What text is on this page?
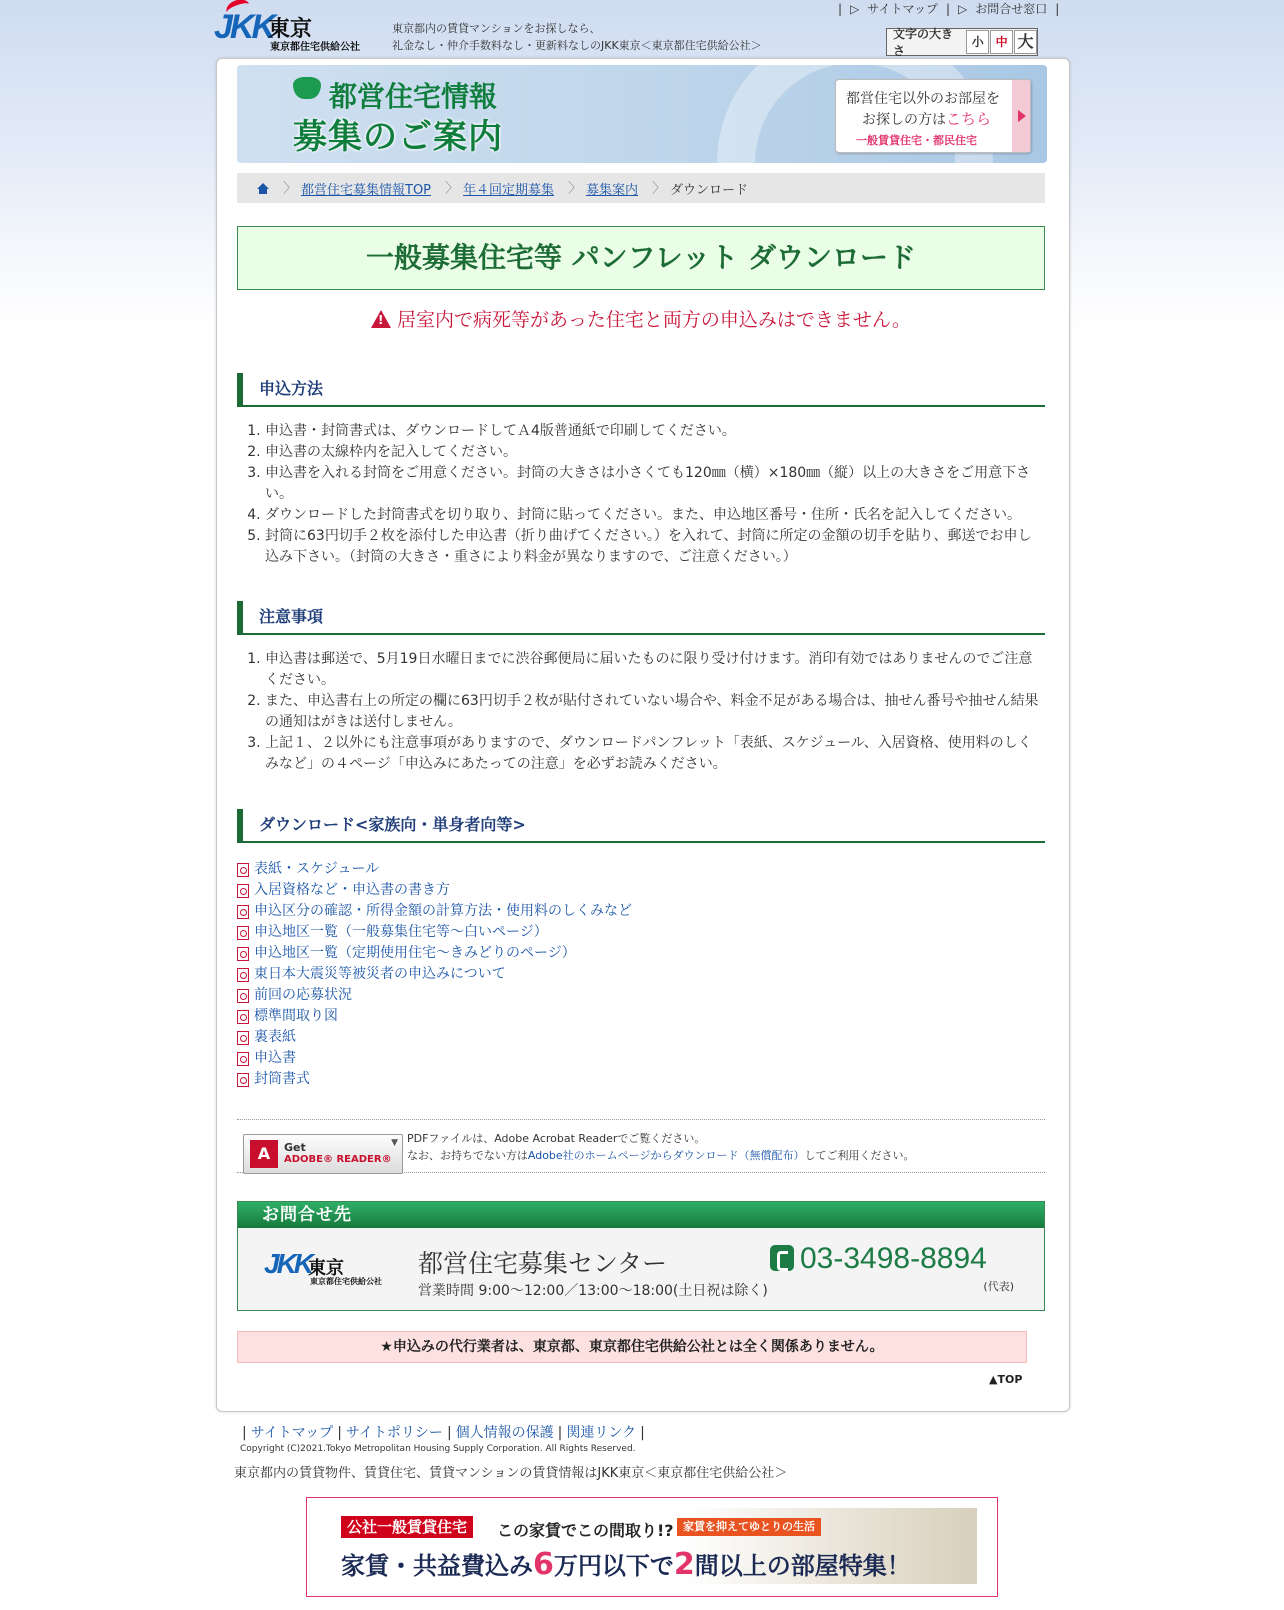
JKK
東京
東京都住宅供給公社
東京都内の賃貸マンションをお探しなら、
礼金なし・仲介手数料なし・更新料なしのJKK東京＜東京都住宅供給公社＞
| ▷ サイトマップ | ▷ お問合せ窓口 |
文字の大きさ
小 中 大
都営住宅情報
募集のご案内
都営住宅以外のお部屋を
お探しの方はこちら
一般賃貸住宅・都民住宅
〉 都営住宅募集情報TOP 〉 年４回定期募集 〉 募集案内 〉 ダウンロード
一般募集住宅等 パンフレット ダウンロード
!居室内で病死等があった住宅と両方の申込みはできません。
申込方法
1. 申込書・封筒書式は、ダウンロードしてＡ4版普通紙で印刷してください。
2. 申込書の太線枠内を記入してください。
3. 申込書を入れる封筒をご用意ください。封筒の大きさは小さくても120㎜（横）×180㎜（縦）以上の大きさをご用意下さい。
4. ダウンロードした封筒書式を切り取り、封筒に貼ってください。また、申込地区番号・住所・氏名を記入してください。
5. 封筒に63円切手２枚を添付した申込書（折り曲げてください。）を入れて、封筒に所定の金額の切手を貼り、郵送でお申し込み下さい。（封筒の大きさ・重さにより料金が異なりますので、ご注意ください。）
注意事項
1. 申込書は郵送で、5月19日水曜日までに渋谷郵便局に届いたものに限り受け付けます。消印有効ではありませんのでご注意ください。
2. また、申込書右上の所定の欄に63円切手２枚が貼付されていない場合や、料金不足がある場合は、抽せん番号や抽せん結果の通知はがきは送付しません。
3. 上記１、２以外にも注意事項がありますので、ダウンロードパンフレット「表紙、スケジュール、入居資格、使用料のしくみなど」の４ページ「申込みにあたっての注意」を必ずお読みください。
ダウンロード<家族向・単身者向等>
表紙・スケジュール
入居資格など・申込書の書き方
申込区分の確認・所得金額の計算方法・使用料のしくみなど
申込地区一覧（一般募集住宅等～白いページ）
申込地区一覧（定期使用住宅～きみどりのページ）
東日本大震災等被災者の申込みについて
前回の応募状況
標準間取り図
裏表紙
申込書
封筒書式
A	Get
ADOBE® READER®
▼ PDFファイルは、Adobe Acrobat Readerでご覧ください。
なお、お持ちでない方はAdobe社のホームページからダウンロード（無償配布）してご利用ください。
お問合せ先
JKK
東京
東京都住宅供給公社
都営住宅募集センター
営業時間 9:00～12:00／13:00～18:00(土日祝は除く)
03-3498-8894
(代表)
★申込みの代行業者は、東京都、東京都住宅供給公社とは全く関係ありません。
▲TOP
| サイトマップ | サイトポリシー | 個人情報の保護 | 関連リンク |
Copyright (C)2021.Tokyo Metropolitan Housing Supply Corporation. All Rights Reserved.
東京都内の賃貸物件、賃貸住宅、賃貸マンションの賃貸情報はJKK東京＜東京都住宅供給公社＞
公社一般賃貸住宅	この家賃でこの間取り!? 家賃を抑えてゆとりの生活
家賃・共益費込み6万円以下で2間以上の部屋特集！
